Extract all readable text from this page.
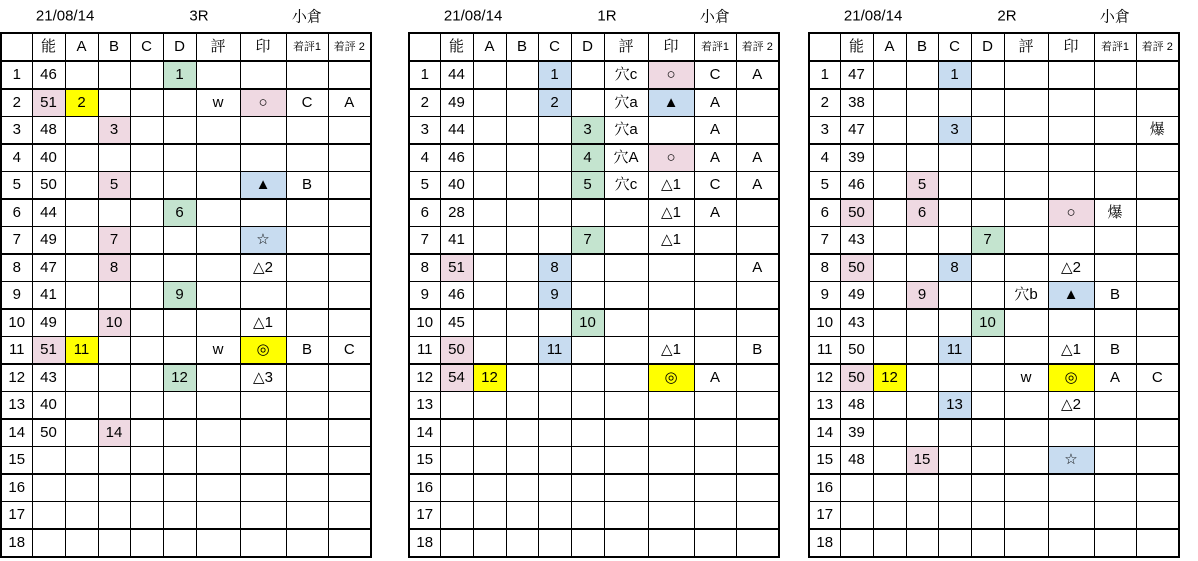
21/08/14	1R	小倉
	能	A	B	C	D	評	印	着評1	着評 2
1	44			1		穴c	○	C	A
2	49			2		穴a	▲	A	
3	44				3	穴a		A	
4	46				4	穴A	○	A	A
5	40				5	穴c	△1	C	A
6	28						△1	A	
7	41				7		△1		
8	51			8					A
9	46			9					
10	45				10				
11	50			11			△1		B
12	54	12					◎	A	
13									
14									
15									
16									
17									
18									
21/08/14	2R	小倉
	能	A	B	C	D	評	印	着評1	着評 2
1	47			1					
2	38								
3	47			3					爆
4	39								
5	46		5						
6	50		6				○	爆	
7	43				7				
8	50			8			△2		
9	49		9			穴b	▲	B	
10	43				10				
11	50			11			△1	B	
12	50	12				w	◎	A	C
13	48			13			△2		
14	39								
15	48		15				☆		
16									
17									
18									
21/08/14	3R	小倉
	能	A	B	C	D	評	印	着評1	着評 2
1	46				1				
2	51	2				w	○	C	A
3	48		3						
4	40								
5	50		5				▲	B	
6	44				6				
7	49		7				☆		
8	47		8				△2		
9	41				9				
10	49		10				△1		
11	51	11				w	◎	B	C
12	43				12		△3		
13	40								
14	50		14						
15									
16									
17									
18									
